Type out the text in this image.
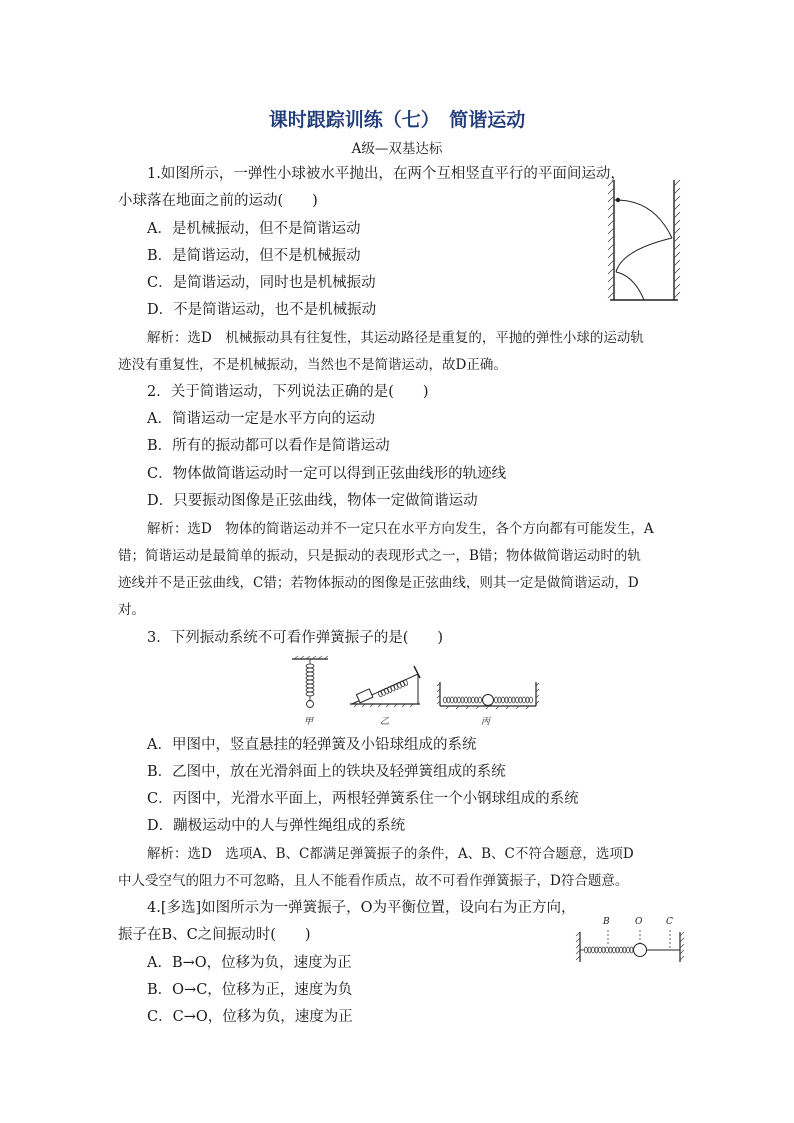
课时跟踪训练（七）　简谐运动
A级—双基达标
1.如图所示，一弹性小球被水平抛出，在两个互相竖直平行的平面间运动，
小球落在地面之前的运动(　　)
A．是机械振动，但不是简谐运动
B．是简谐运动，但不是机械振动
C．是简谐运动，同时也是机械振动
D．不是简谐运动，也不是机械振动
解析：选D　机械振动具有往复性，其运动路径是重复的，平抛的弹性小球的运动轨
迹没有重复性，不是机械振动，当然也不是简谐运动，故D正确。
2．关于简谐运动，下列说法正确的是(　　)
A．简谐运动一定是水平方向的运动
B．所有的振动都可以看作是简谐运动
C．物体做简谐运动时一定可以得到正弦曲线形的轨迹线
D．只要振动图像是正弦曲线，物体一定做简谐运动
解析：选D　物体的简谐运动并不一定只在水平方向发生，各个方向都有可能发生，A
错；简谐运动是最简单的振动，只是振动的表现形式之一，B错；物体做简谐运动时的轨
迹线并不是正弦曲线，C错；若物体振动的图像是正弦曲线，则其一定是做简谐运动，D
对。
3．下列振动系统不可看作弹簧振子的是(　　)
甲	乙	丙
A．甲图中，竖直悬挂的轻弹簧及小铅球组成的系统
B．乙图中，放在光滑斜面上的铁块及轻弹簧组成的系统
C．丙图中，光滑水平面上，两根轻弹簧系住一个小钢球组成的系统
D．蹦极运动中的人与弹性绳组成的系统
解析：选D　选项A、B、C都满足弹簧振子的条件，A、B、C不符合题意，选项D
中人受空气的阻力不可忽略，且人不能看作质点，故不可看作弹簧振子，D符合题意。
4.[多选]如图所示为一弹簧振子，O为平衡位置，设向右为正方向，
振子在B、C之间振动时(　　)
B	O	C
A．B→O，位移为负，速度为正
B．O→C，位移为正，速度为负
C．C→O，位移为负，速度为正
